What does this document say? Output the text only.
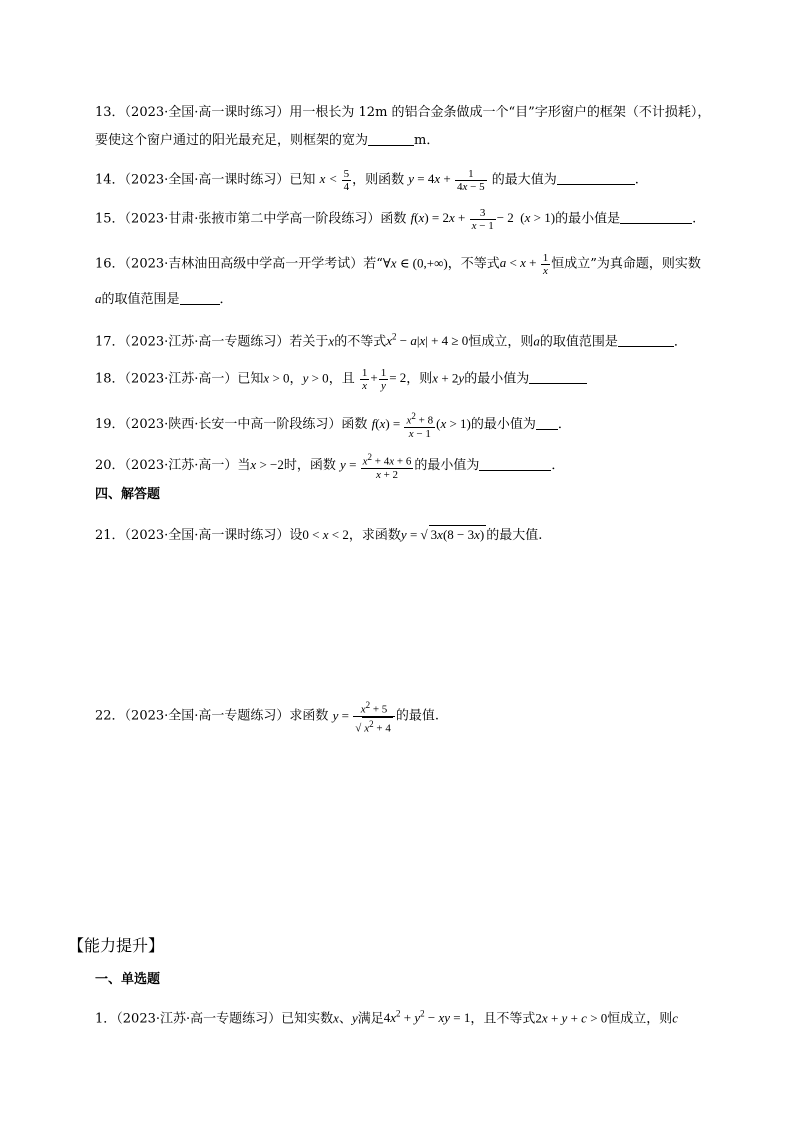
13．（2023·全国·高一课时练习）用一根长为 12m 的铝合金条做成一个“目”字形窗户的框架（不计损耗），
要使这个窗户通过的阳光最充足，则框架的宽为	m．
14．（2023·全国·高一课时练习）已知 $x < \frac{5}{4}$ ，则函数 $y = 4x + \frac{1}{4x - 5}$ 的最大值为	.
15．（2023·甘肃·张掖市第二中学高一阶段练习）函数 $f(x) = 2x + \frac{3}{x - 1} - 2$  (x > 1)的最小值是	.
16．（2023·吉林油田高级中学高一开学考试）若“∀x ∈ (0,+∞)，不等式$a < x + \frac{1}{x}$ 恒成立”为真命题，则实数
a的取值范围是	．
17．（2023·江苏·高一专题练习）若关于x的不等式$x^2 - a|x| + 4 \ge 0$恒成立，则a的取值范围是	．
18．（2023·江苏·高一）已知x > 0，y > 0，且 $\frac{1}{x} + \frac{1}{y} = 2$，则x + 2y的最小值为
19．（2023·陕西·长安一中高一阶段练习）函数 $f(x) = \frac{x^2 + 8}{x - 1} (x > 1)$的最小值为 ．
20．（2023·江苏·高一）当x > −2时，函数 $y = \frac{x^2 + 4x + 6}{x + 2}$ 的最小值为	．
四、解答题
21．（2023·全国·高一课时练习）设0 < x < 2，求函数y = √ 3x(8 − 3x) 的最大值.
22．（2023·全国·高一专题练习）求函数 $y = \frac{x^2 + 5}{√ x^2 + 4}$ 的最值.
【能力提升】
一、单选题
1．（2023·江苏·高一专题练习）已知实数x、y满足$4x^2 + y^2$ − xy = 1，且不等式2x + y + c > 0恒成立，则c
